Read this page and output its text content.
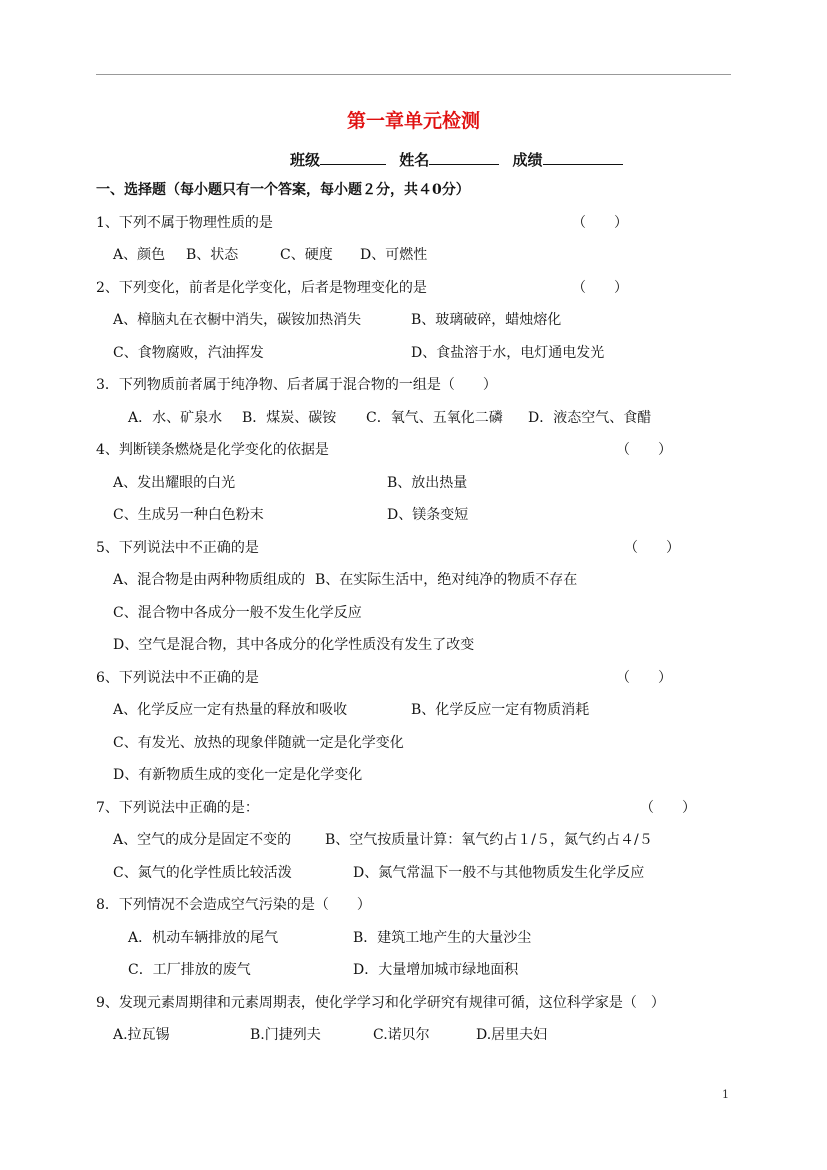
第一章单元检测
班级	姓名	成绩
一、选择题（每小题只有一个答案，每小题２分，共４0分）
1、下列不属于物理性质的是	（　　）
A、颜色 B、状态	C、硬度 D、可燃性
2、下列变化，前者是化学变化，后者是物理变化的是	（　　）
A、樟脑丸在衣橱中消失，碳铵加热消失	B、玻璃破碎，蜡烛熔化
C、食物腐败，汽油挥发	D、食盐溶于水，电灯通电发光
3．下列物质前者属于纯净物、后者属于混合物的一组是（　　）
A．水、矿泉水 B．煤炭、碳铵 C．氧气、五氧化二磷 D．液态空气、食醋
4、判断镁条燃烧是化学变化的依据是	（　　）
A、发出耀眼的白光	B、放出热量
C、生成另一种白色粉末	D、镁条变短
5、下列说法中不正确的是	（　　）
A、混合物是由两种物质组成的 B、在实际生活中，绝对纯净的物质不存在
C、混合物中各成分一般不发生化学反应
D、空气是混合物，其中各成分的化学性质没有发生了改变
6、下列说法中不正确的是	（　　）
A、化学反应一定有热量的释放和吸收	B、化学反应一定有物质消耗
C、有发光、放热的现象伴随就一定是化学变化
D、有新物质生成的变化一定是化学变化
7、下列说法中正确的是：	（　　）
A、空气的成分是固定不变的 B、空气按质量计算：氧气约占１/５，氮气约占４/５
C、氮气的化学性质比较活泼	D、氮气常温下一般不与其他物质发生化学反应
8．下列情况不会造成空气污染的是（　　）
A．机动车辆排放的尾气	B．建筑工地产生的大量沙尘
C．工厂排放的废气	D．大量增加城市绿地面积
9、发现元素周期律和元素周期表，使化学学习和化学研究有规律可循，这位科学家是（　）
A.拉瓦锡	B.门捷列夫	C.诺贝尔	D.居里夫妇
1
